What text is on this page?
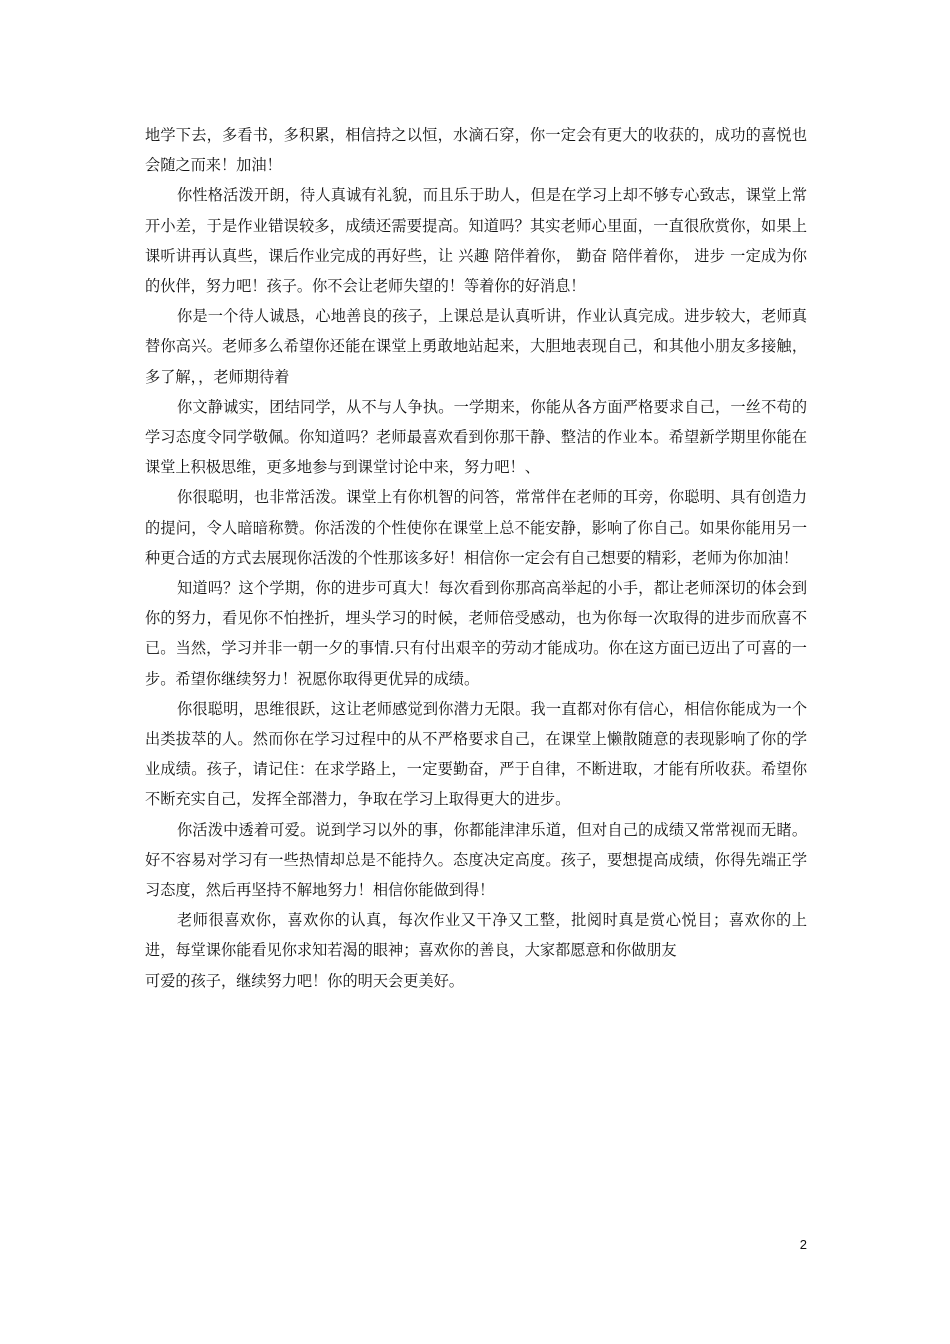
地学下去，多看书，多积累，相信持之以恒，水滴石穿，你一定会有更大的收获的，成功的喜悦也会随之而来！加油！

你性格活泼开朗，待人真诚有礼貌，而且乐于助人，但是在学习上却不够专心致志，课堂上常开小差，于是作业错误较多，成绩还需要提高。知道吗？其实老师心里面，一直很欣赏你，如果上课听讲再认真些，课后作业完成的再好些，让 兴趣 陪伴着你， 勤奋 陪伴着你， 进步 一定成为你的伙伴，努力吧！孩子。你不会让老师失望的！等着你的好消息！

你是一个待人诚恳，心地善良的孩子，上课总是认真听讲，作业认真完成。进步较大，老师真替你高兴。老师多么希望你还能在课堂上勇敢地站起来，大胆地表现自己，和其他小朋友多接触，多了解，，老师期待着

你文静诚实，团结同学，从不与人争执。一学期来，你能从各方面严格要求自己，一丝不苟的学习态度令同学敬佩。你知道吗？老师最喜欢看到你那干静、整洁的作业本。希望新学期里你能在课堂上积极思维，更多地参与到课堂讨论中来，努力吧！、

你很聪明，也非常活泼。课堂上有你机智的问答，常常伴在老师的耳旁，你聪明、具有创造力的提问，令人暗暗称赞。你活泼的个性使你在课堂上总不能安静，影响了你自己。如果你能用另一种更合适的方式去展现你活泼的个性那该多好！相信你一定会有自己想要的精彩，老师为你加油！

知道吗？这个学期，你的进步可真大！每次看到你那高高举起的小手，都让老师深切的体会到你的努力，看见你不怕挫折，埋头学习的时候，老师倍受感动，也为你每一次取得的进步而欣喜不已。当然，学习并非一朝一夕的事情.只有付出艰辛的劳动才能成功。你在这方面已迈出了可喜的一步。希望你继续努力！祝愿你取得更优异的成绩。

你很聪明，思维很跃，这让老师感觉到你潜力无限。我一直都对你有信心，相信你能成为一个出类拔萃的人。然而你在学习过程中的从不严格要求自己，在课堂上懒散随意的表现影响了你的学业成绩。孩子，请记住：在求学路上，一定要勤奋，严于自律，不断进取，才能有所收获。希望你不断充实自己，发挥全部潜力，争取在学习上取得更大的进步。

你活泼中透着可爱。说到学习以外的事，你都能津津乐道，但对自己的成绩又常常视而无睹。好不容易对学习有一些热情却总是不能持久。态度决定高度。孩子，要想提高成绩，你得先端正学习态度，然后再坚持不解地努力！相信你能做到得！

老师很喜欢你，喜欢你的认真，每次作业又干净又工整，批阅时真是赏心悦目；喜欢你的上进，每堂课你能看见你求知若渴的眼神；喜欢你的善良，大家都愿意和你做朋友

可爱的孩子，继续努力吧！你的明天会更美好。

2
